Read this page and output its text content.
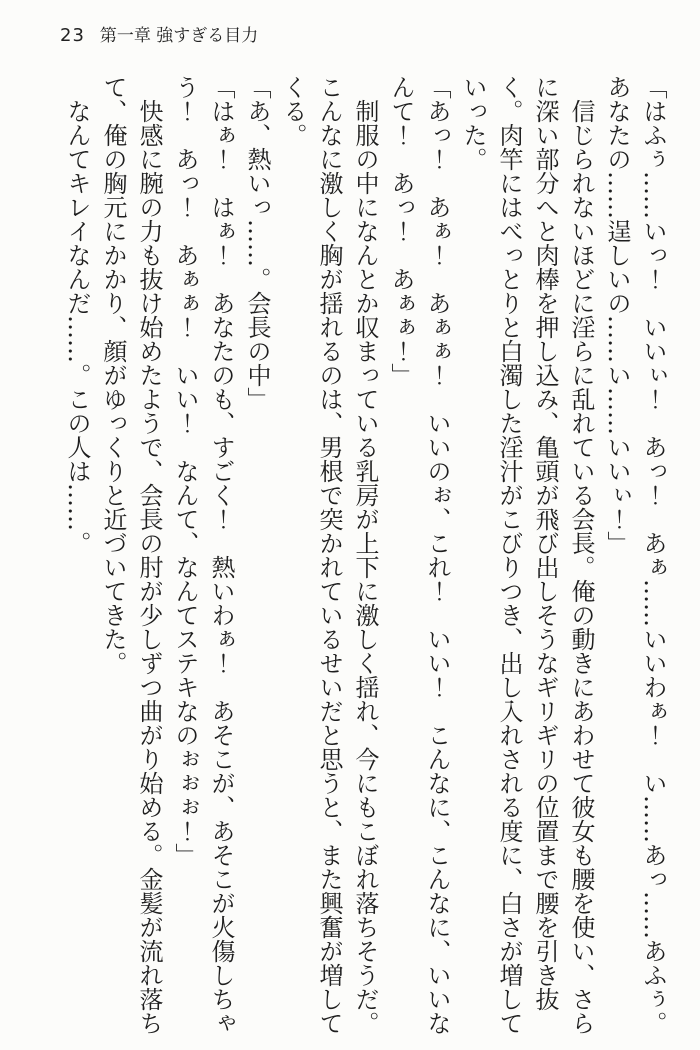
23 第一章 強すぎる目力

「はふぅ……いっ！　いいぃ！　あっ！　あぁ……いいわぁ！　い……あっ……あふぅ。あなたの……逞しいの……い……いいぃ！」

信じられないほどに淫らに乱れている会長。俺の動きにあわせて彼女も腰を使い、さらに深い部分へと肉棒を押し込み、亀頭が飛び出しそうなギリギリの位置まで腰を引き抜く。肉竿にはべっとりと白濁した淫汁がこびりつき、出し入れされる度に、白さが増していった。

「あっ！　あぁ！　あぁぁ！　いいのぉ、これ！　いい！　こんなに、こんなに、いいなんて！　あっ！　あぁぁ！」

制服の中になんとか収まっている乳房が上下に激しく揺れ、今にもこぼれ落ちそうだ。こんなに激しく胸が揺れるのは、男根で突かれているせいだと思うと、また興奮が増してくる。

「あ、熱いっ……。会長の中」

「はぁ！　はぁ！　あなたのも、すごく！　熱いわぁ！　あそこが、あそこが火傷しちゃう！　あっ！　あぁぁ！　いい！　なんて、なんてステキなのぉぉぉ！」

快感に腕の力も抜け始めたようで、会長の肘が少しずつ曲がり始める。金髪が流れ落ちて、俺の胸元にかかり、顔がゆっくりと近づいてきた。

なんてキレイなんだ……。この人は……。
